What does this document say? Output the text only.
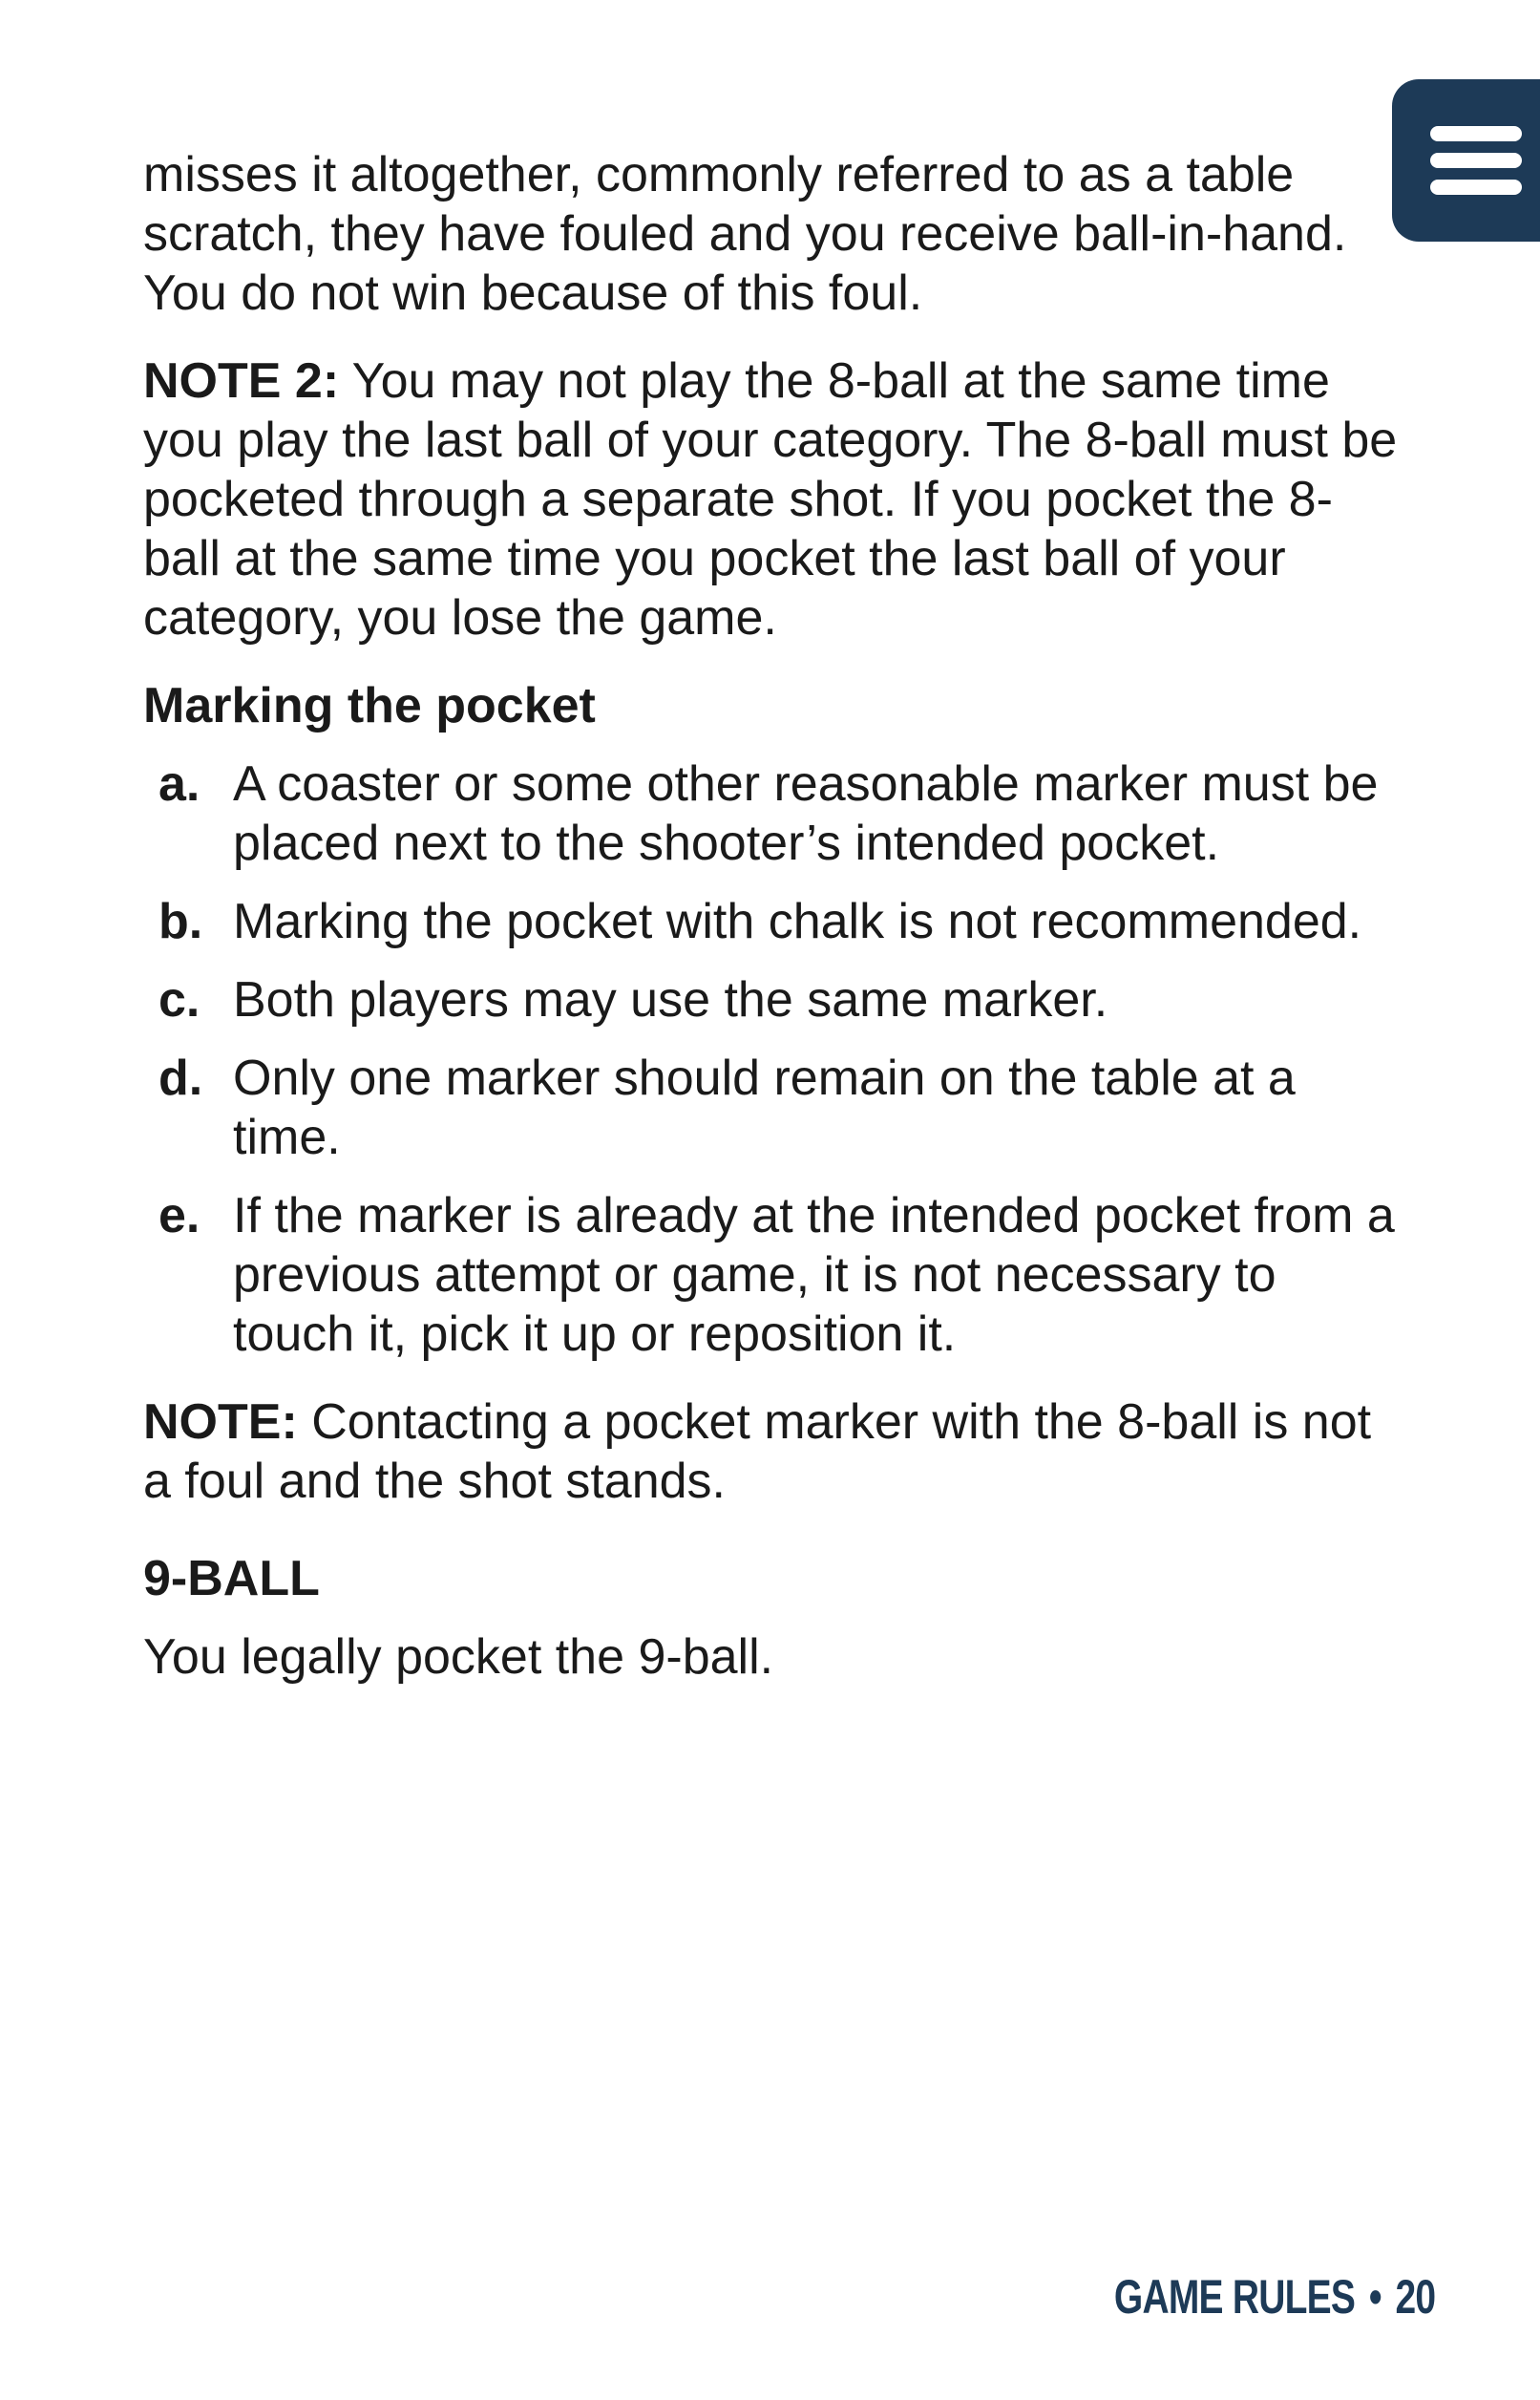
misses it altogether, commonly referred to as a table scratch, they have fouled and you receive ball-in-hand. You do not win because of this foul.

NOTE 2: You may not play the 8-ball at the same time you play the last ball of your category. The 8-ball must be pocketed through a separate shot. If you pocket the 8-ball at the same time you pocket the last ball of your category, you lose the game.

Marking the pocket
a. A coaster or some other reasonable marker must be placed next to the shooter’s intended pocket.
b. Marking the pocket with chalk is not recommended.
c. Both players may use the same marker.
d. Only one marker should remain on the table at a time.
e. If the marker is already at the intended pocket from a previous attempt or game, it is not necessary to touch it, pick it up or reposition it.

NOTE: Contacting a pocket marker with the 8-ball is not a foul and the shot stands.

9-BALL

You legally pocket the 9-ball.

GAME RULES • 20
